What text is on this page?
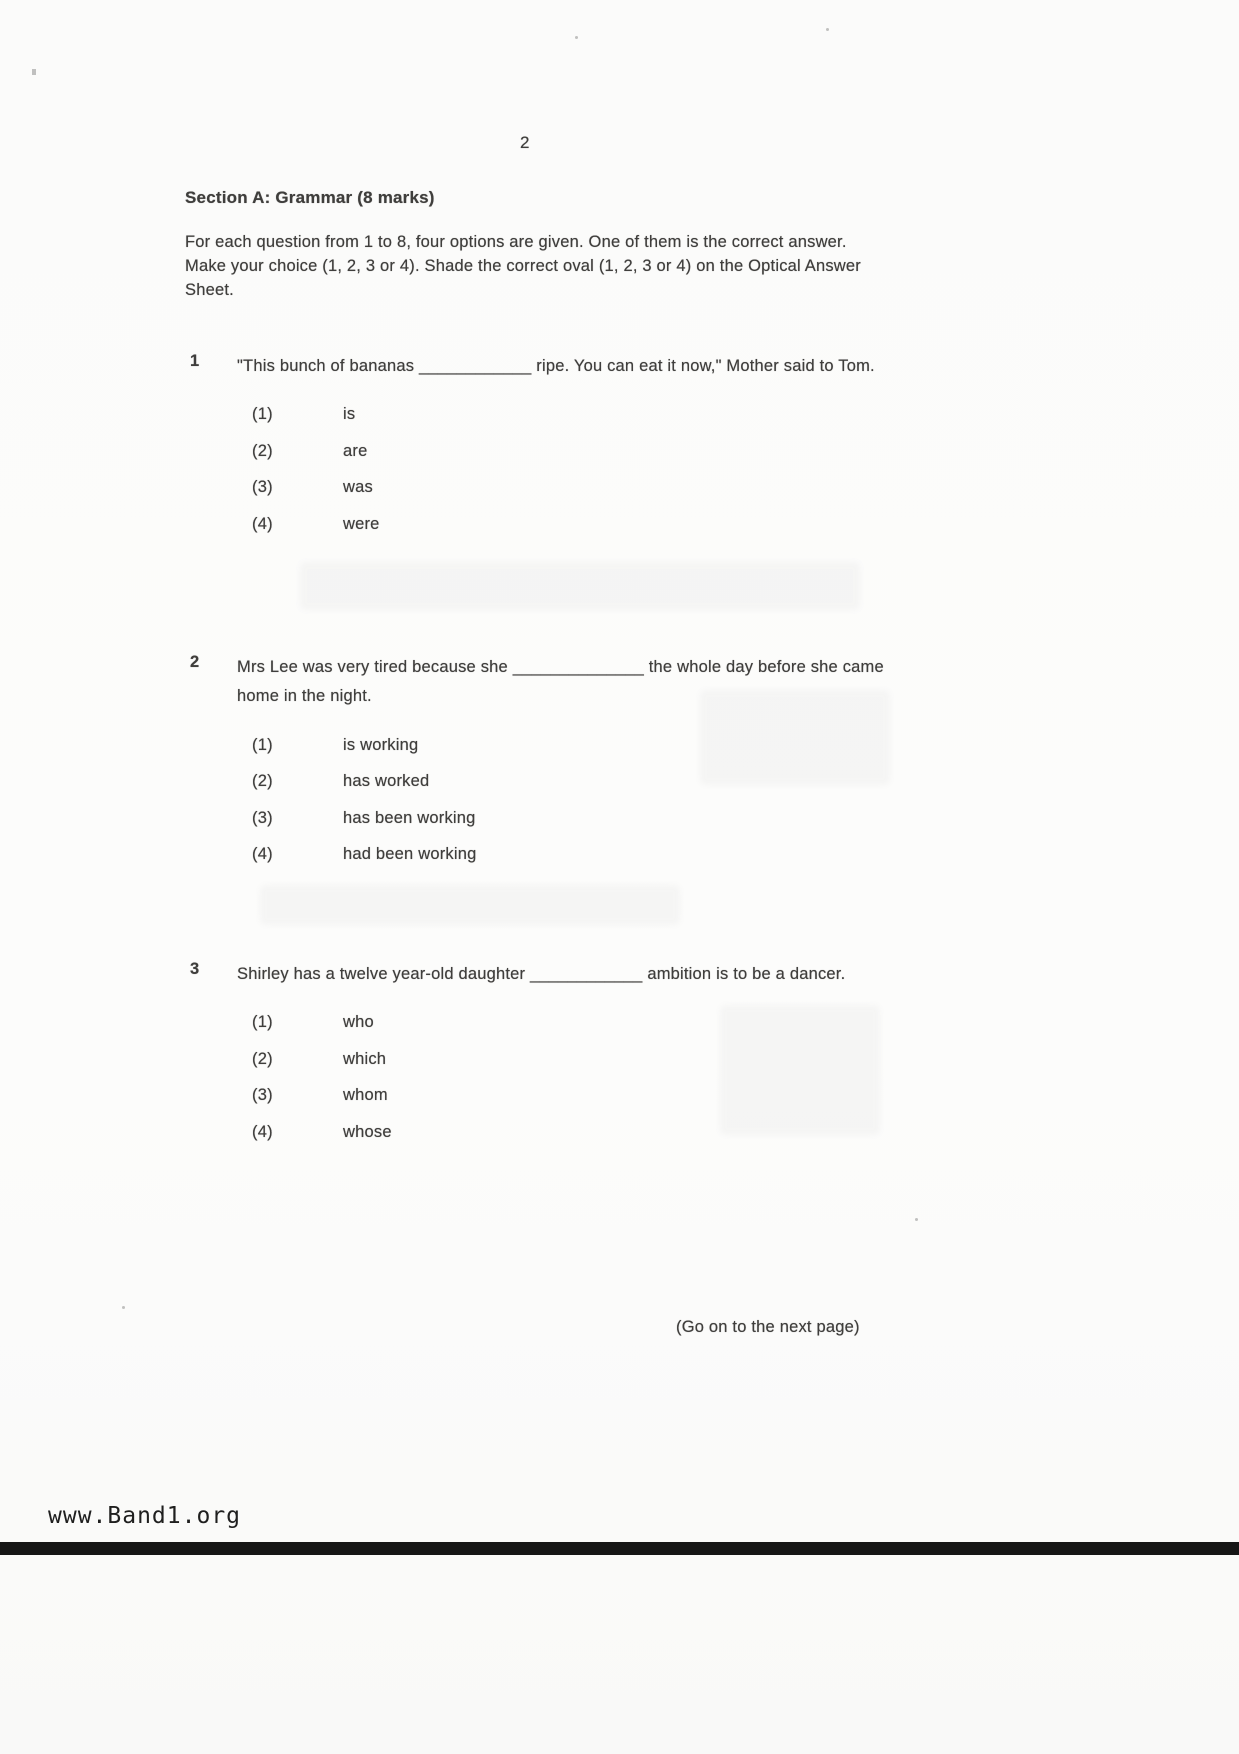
2
Section A: Grammar (8 marks)
For each question from 1 to 8, four options are given. One of them is the correct answer. Make your choice (1, 2, 3 or 4). Shade the correct oval (1, 2, 3 or 4) on the Optical Answer Sheet.
1	"This bunch of bananas ____________ ripe. You can eat it now," Mother said to Tom.
(1)	is
(2)	are
(3)	was
(4)	were
2	Mrs Lee was very tired because she ______________ the whole day before she came home in the night.
(1)	is working
(2)	has worked
(3)	has been working
(4)	had been working
3	Shirley has a twelve year-old daughter ____________ ambition is to be a dancer.
(1)	who
(2)	which
(3)	whom
(4)	whose
(Go on to the next page)
www.Band1.org
